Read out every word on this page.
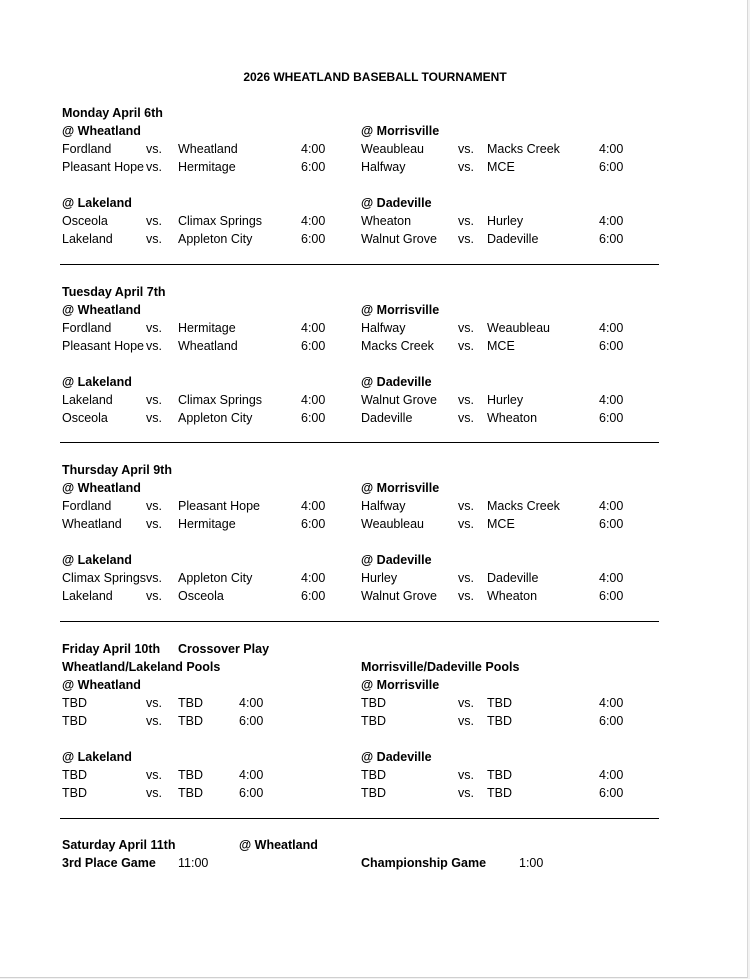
2026 WHEATLAND BASEBALL TOURNAMENT
Monday April 6th
@ Wheatland
Fordland	vs. Wheatland	4:00
Pleasant Hope vs. Hermitage	6:00
@ Morrisville
Weaubleau	vs. Macks Creek	4:00
Halfway	vs. MCE	6:00
@ Lakeland
Osceola	vs. Climax Springs	4:00
Lakeland	vs. Appleton City	6:00
@ Dadeville
Wheaton	vs. Hurley	4:00
Walnut Grove vs. Dadeville	6:00
Tuesday April 7th
@ Wheatland
Fordland	vs. Hermitage	4:00
Pleasant Hope vs. Wheatland	6:00
@ Morrisville
Halfway	vs. Weaubleau	4:00
Macks Creek vs. MCE	6:00
@ Lakeland
Lakeland	vs. Climax Springs	4:00
Osceola	vs. Appleton City	6:00
@ Dadeville
Walnut Grove vs. Hurley	4:00
Dadeville	vs. Wheaton	6:00
Thursday April 9th
@ Wheatland
Fordland	vs. Pleasant Hope	4:00
Wheatland vs. Hermitage	6:00
@ Morrisville
Halfway	vs. Macks Creek	4:00
Weaubleau	vs. MCE	6:00
@ Lakeland
Climax Springs vs. Appleton City	4:00
Lakeland	vs. Osceola	6:00
@ Dadeville
Hurley	vs. Dadeville	4:00
Walnut Grove vs. Wheaton	6:00
Friday April 10th Crossover Play
Wheatland/Lakeland Pools	Morrisville/Dadeville Pools
@ Wheatland
TBD	vs. TBD	4:00
TBD	vs. TBD	6:00
@ Morrisville
TBD	vs. TBD	4:00
TBD	vs. TBD	6:00
@ Lakeland
TBD	vs. TBD	4:00
TBD	vs. TBD	6:00
@ Dadeville
TBD	vs. TBD	4:00
TBD	vs. TBD	6:00
Saturday April 11th	@ Wheatland
3rd Place Game 11:00	Championship Game	1:00
